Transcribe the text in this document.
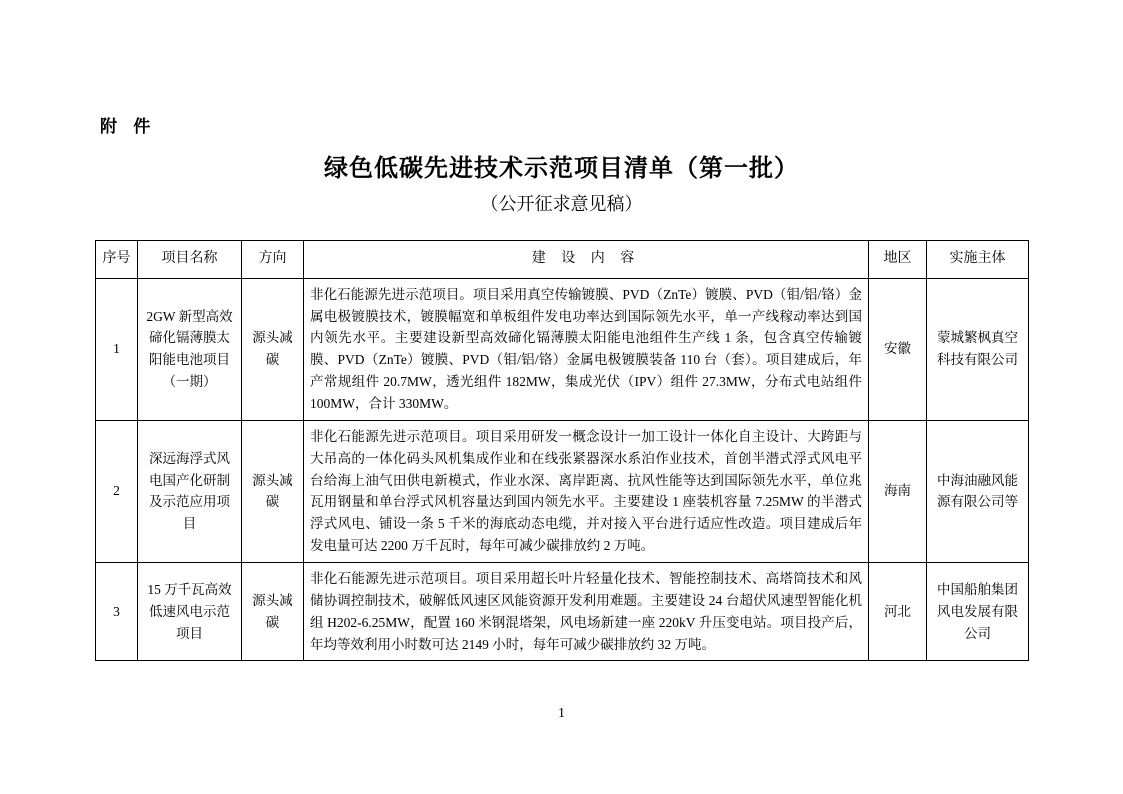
附 件
绿色低碳先进技术示范项目清单（第一批）
（公开征求意见稿）
序号	项目名称	方向	建 设 内 容	地区	实施主体
1	2GW 新型高效碲化镉薄膜太阳能电池项目（一期）	源头减碳	非化石能源先进示范项目。项目采用真空传输镀膜、PVD（ZnTe）镀膜、PVD（钼/铝/铬）金属电极镀膜技术，镀膜幅宽和单板组件发电功率达到国际领先水平，单一产线稼动率达到国内领先水平。主要建设新型高效碲化镉薄膜太阳能电池组件生产线 1 条，包含真空传输镀膜、PVD（ZnTe）镀膜、PVD（钼/铝/铬）金属电极镀膜装备 110 台（套）。项目建成后，年产常规组件 20.7MW，透光组件 182MW，集成光伏（IPV）组件 27.3MW，分布式电站组件 100MW，合计 330MW。	安徽	蒙城繁枫真空科技有限公司
2	深远海浮式风电国产化研制及示范应用项目	源头减碳	非化石能源先进示范项目。项目采用研发一概念设计一加工设计一体化自主设计、大跨距与大吊高的一体化码头风机集成作业和在线张紧器深水系泊作业技术，首创半潜式浮式风电平台给海上油气田供电新模式，作业水深、离岸距离、抗风性能等达到国际领先水平，单位兆瓦用钢量和单台浮式风机容量达到国内领先水平。主要建设 1 座装机容量 7.25MW 的半潜式浮式风电、铺设一条 5 千米的海底动态电缆，并对接入平台进行适应性改造。项目建成后年发电量可达 2200 万千瓦时，每年可减少碳排放约 2 万吨。	海南	中海油融风能源有限公司等
3	15 万千瓦高效低速风电示范项目	源头减碳	非化石能源先进示范项目。项目采用超长叶片轻量化技术、智能控制技术、高塔筒技术和风储协调控制技术，破解低风速区风能资源开发利用难题。主要建设 24 台超伏风速型智能化机组 H202-6.25MW，配置 160 米钢混塔架，风电场新建一座 220kV 升压变电站。项目投产后，年均等效利用小时数可达 2149 小时，每年可减少碳排放约 32 万吨。	河北	中国船舶集团风电发展有限公司
1
